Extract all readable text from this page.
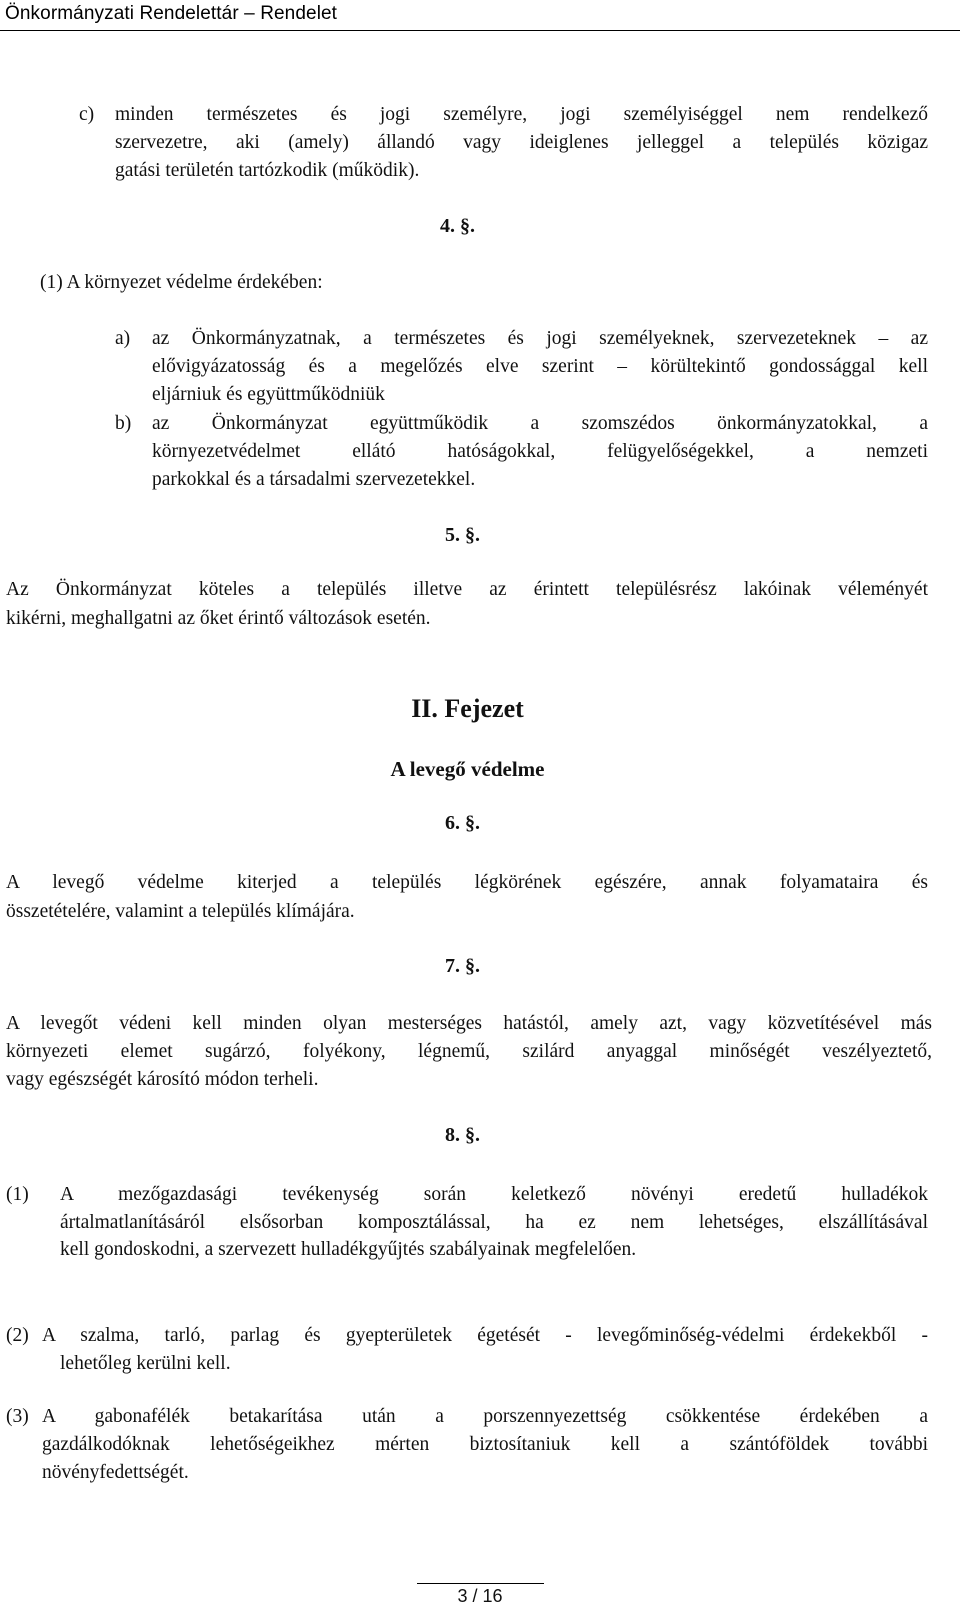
Önkormányzati Rendelettár – Rendelet
c) minden természetes és jogi személyre, jogi személyiséggel nem rendelkező
szervezetre, aki (amely) állandó vagy ideiglenes jelleggel a település közigaz
gatási területén tartózkodik (működik).
4. §.
(1) A környezet védelme érdekében:
a) az Önkormányzatnak, a természetes és jogi személyeknek, szervezeteknek – az
elővigyázatosság és a megelőzés elve szerint – körültekintő gondossággal kell
eljárniuk és együttműködniük
b) az Önkormányzat együttműködik a szomszédos önkormányzatokkal, a
környezetvédelmet ellátó hatóságokkal, felügyelőségekkel, a nemzeti
parkokkal és a társadalmi szervezetekkel.
5. §.
Az Önkormányzat köteles a település illetve az érintett településrész lakóinak véleményét
kikérni, meghallgatni az őket érintő változások esetén.
II. Fejezet
A levegő védelme
6. §.
A levegő védelme kiterjed a település légkörének egészére, annak folyamataira és
összetételére, valamint a település klímájára.
7. §.
A levegőt védeni kell minden olyan mesterséges hatástól, amely azt, vagy közvetítésével más
környezeti elemet sugárzó, folyékony, légnemű, szilárd anyaggal minőségét veszélyeztető,
vagy egészségét károsító módon terheli.
8. §.
(1) A mezőgazdasági tevékenység során keletkező növényi eredetű hulladékok
ártalmatlanításáról elsősorban komposztálással, ha ez nem lehetséges, elszállításával
kell gondoskodni, a szervezett hulladékgyűjtés szabályainak megfelelően.
(2) A szalma, tarló, parlag és gyepterületek égetését - levegőminőség-védelmi érdekekből -
lehetőleg kerülni kell.
(3) A gabonafélék betakarítása után a porszennyezettség csökkentése érdekében a
gazdálkodóknak lehetőségeikhez mérten biztosítaniuk kell a szántóföldek további
növényfedettségét.
3 / 16
